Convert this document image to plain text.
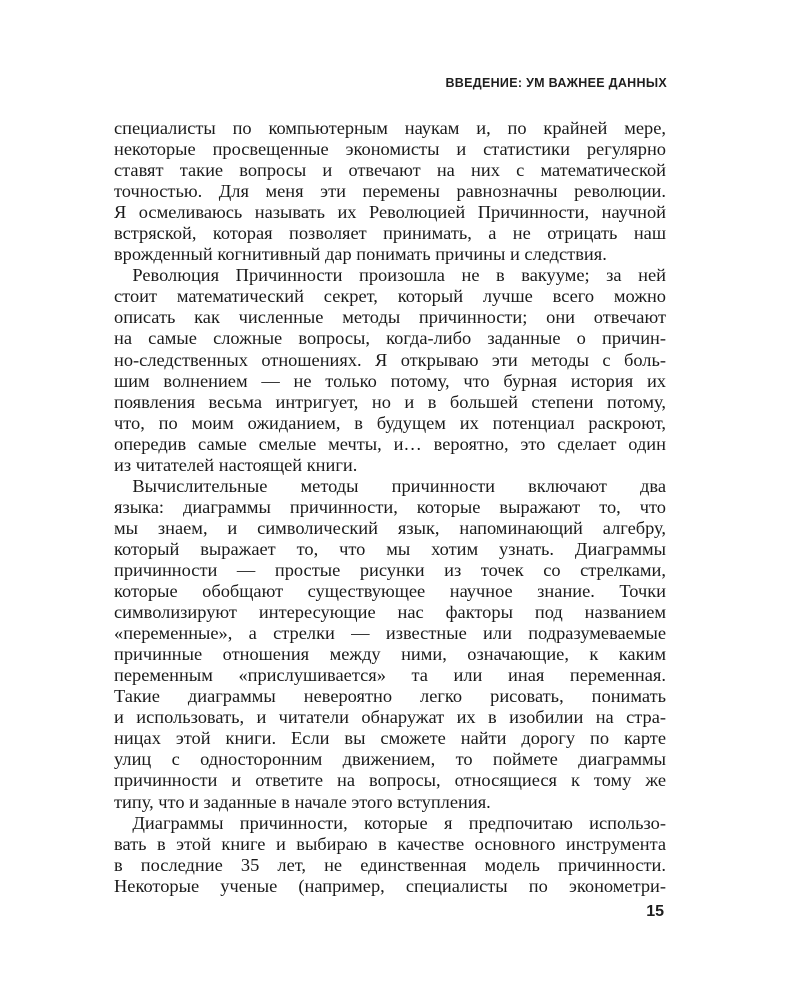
ВВЕДЕНИЕ: УМ ВАЖНЕЕ ДАННЫХ
специалисты по компьютерным наукам и, по крайней мере,
некоторые просвещенные экономисты и статистики регулярно
ставят такие вопросы и отвечают на них с математической
точностью. Для меня эти перемены равнозначны революции.
Я осмеливаюсь называть их Революцией Причинности, научной
встряской, которая позволяет принимать, а не отрицать наш
врожденный когнитивный дар понимать причины и следствия.
 Революция Причинности произошла не в вакууме; за ней
стоит математический секрет, который лучше всего можно
описать как численные методы причинности; они отвечают
на самые сложные вопросы, когда-либо заданные о причин-
но-следственных отношениях. Я открываю эти методы с боль-
шим волнением — не только потому, что бурная история их
появления весьма интригует, но и в большей степени потому,
что, по моим ожиданием, в будущем их потенциал раскроют,
опередив самые смелые мечты, и… вероятно, это сделает один
из читателей настоящей книги.
 Вычислительные методы причинности включают два
языка: диаграммы причинности, которые выражают то, что
мы знаем, и символический язык, напоминающий алгебру,
который выражает то, что мы хотим узнать. Диаграммы
причинности — простые рисунки из точек со стрелками,
которые обобщают существующее научное знание. Точки
символизируют интересующие нас факторы под названием
«переменные», а стрелки — известные или подразумеваемые
причинные отношения между ними, означающие, к каким
переменным «прислушивается» та или иная переменная.
Такие диаграммы невероятно легко рисовать, понимать
и использовать, и читатели обнаружат их в изобилии на стра-
ницах этой книги. Если вы сможете найти дорогу по карте
улиц с односторонним движением, то поймете диаграммы
причинности и ответите на вопросы, относящиеся к тому же
типу, что и заданные в начале этого вступления.
 Диаграммы причинности, которые я предпочитаю использо-
вать в этой книге и выбираю в качестве основного инструмента
в последние 35 лет, не единственная модель причинности.
Некоторые ученые (например, специалисты по эконометри-
15
